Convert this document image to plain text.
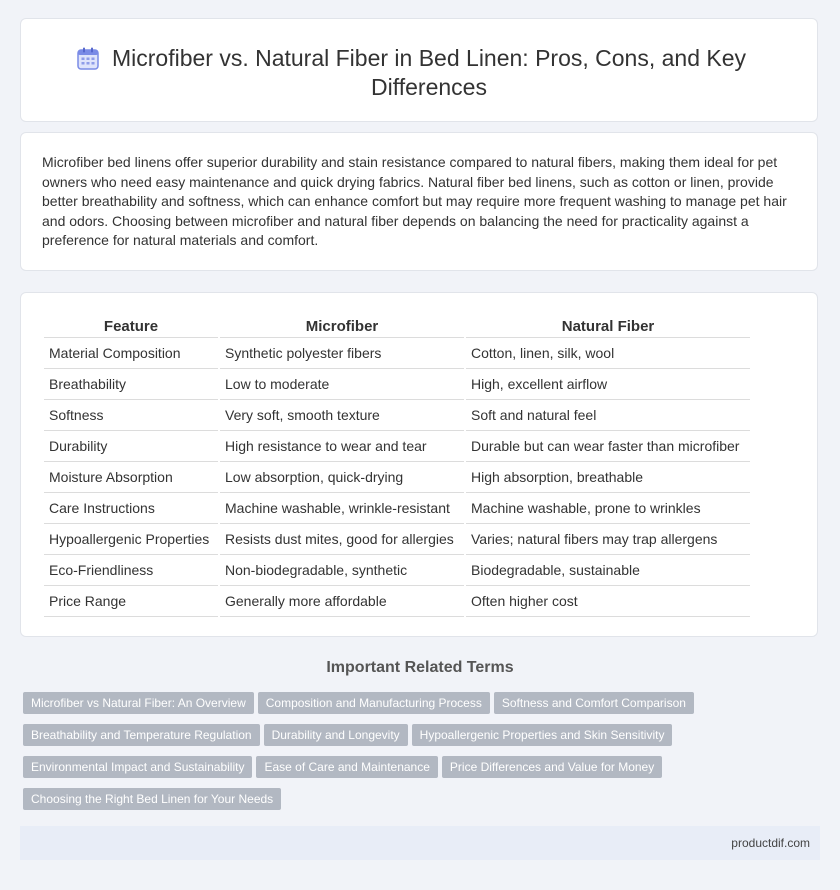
Microfiber vs. Natural Fiber in Bed Linen: Pros, Cons, and Key Differences

Microfiber bed linens offer superior durability and stain resistance compared to natural fibers, making them ideal for pet owners who need easy maintenance and quick drying fabrics. Natural fiber bed linens, such as cotton or linen, provide better breathability and softness, which can enhance comfort but may require more frequent washing to manage pet hair and odors. Choosing between microfiber and natural fiber depends on balancing the need for practicality against a preference for natural materials and comfort.

Feature	Microfiber	Natural Fiber
Material Composition	Synthetic polyester fibers	Cotton, linen, silk, wool
Breathability	Low to moderate	High, excellent airflow
Softness	Very soft, smooth texture	Soft and natural feel
Durability	High resistance to wear and tear	Durable but can wear faster than microfiber
Moisture Absorption	Low absorption, quick-drying	High absorption, breathable
Care Instructions	Machine washable, wrinkle-resistant	Machine washable, prone to wrinkles
Hypoallergenic Properties	Resists dust mites, good for allergies	Varies; natural fibers may trap allergens
Eco-Friendliness	Non-biodegradable, synthetic	Biodegradable, sustainable
Price Range	Generally more affordable	Often higher cost
Important Related Terms
Microfiber vs Natural Fiber: An Overview Composition and Manufacturing Process Softness and Comfort Comparison
Breathability and Temperature Regulation Durability and Longevity Hypoallergenic Properties and Skin Sensitivity
Environmental Impact and Sustainability Ease of Care and Maintenance Price Differences and Value for Money
Choosing the Right Bed Linen for Your Needs
productdif.com
